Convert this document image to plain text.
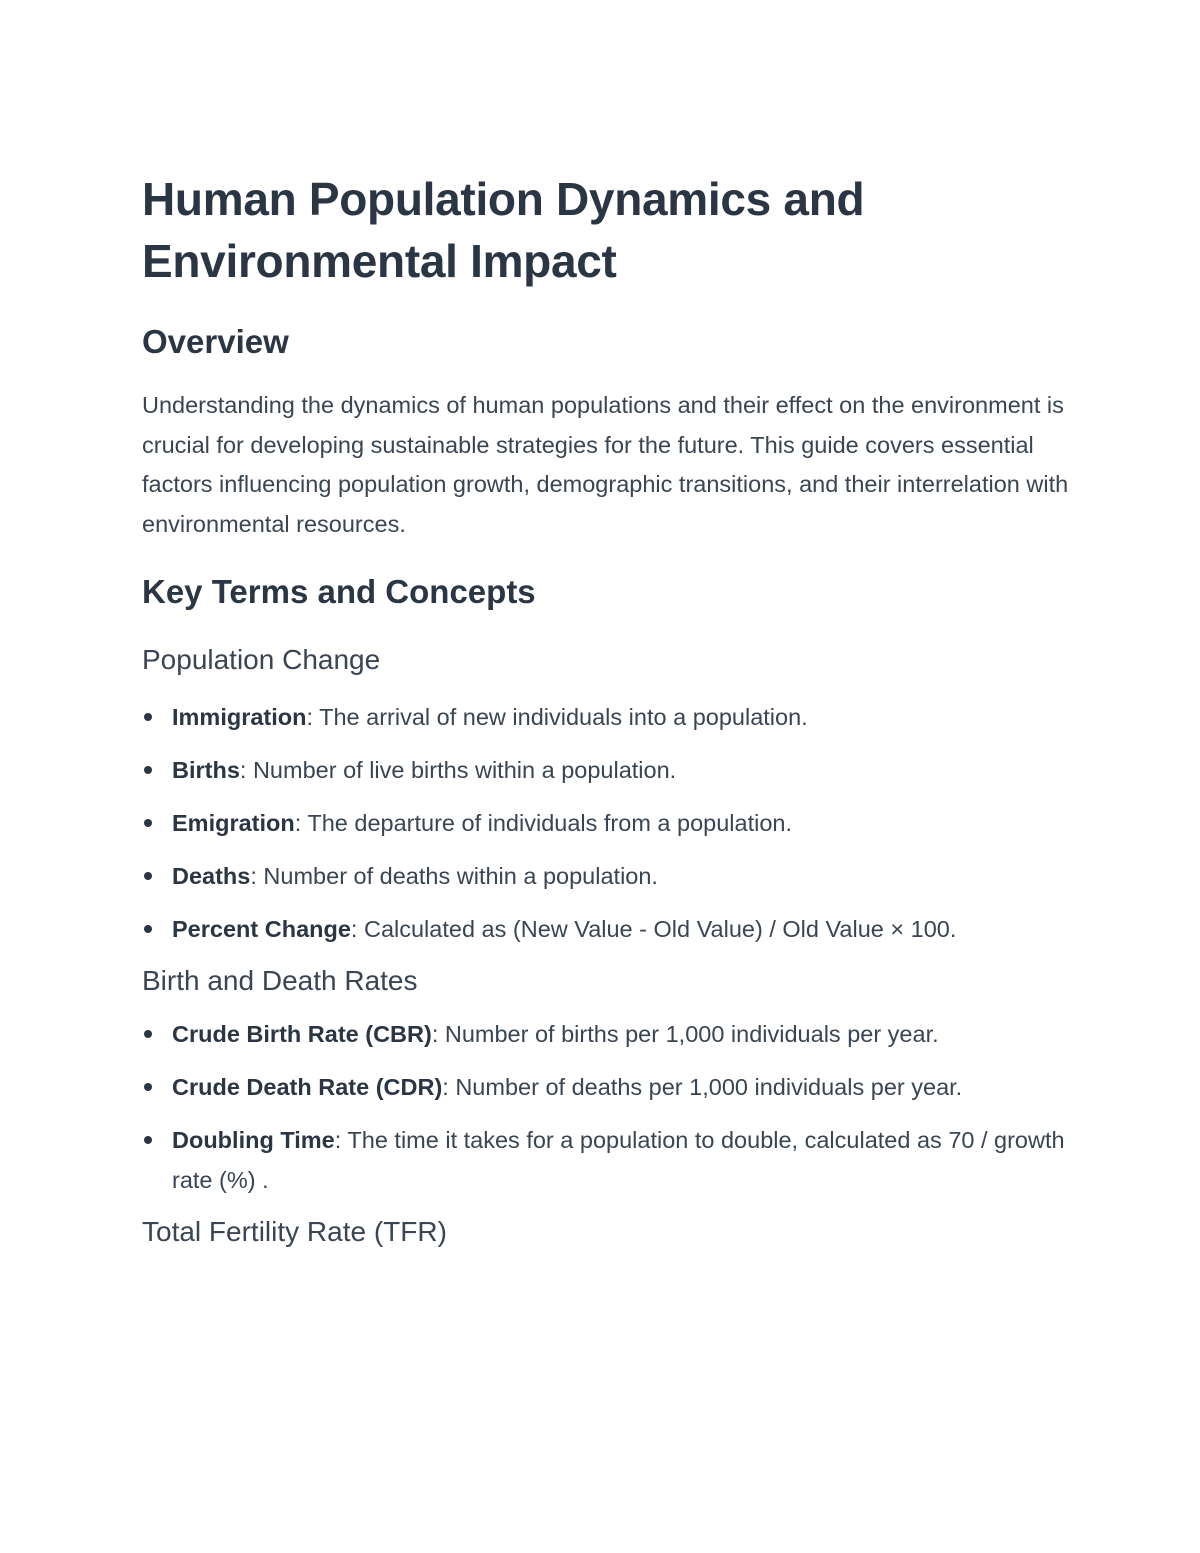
Human Population Dynamics and Environmental Impact
Overview

Understanding the dynamics of human populations and their effect on the environment is crucial for developing sustainable strategies for the future. This guide covers essential factors influencing population growth, demographic transitions, and their interrelation with environmental resources.

Key Terms and Concepts
Population Change
Immigration: The arrival of new individuals into a population.
Births: Number of live births within a population.
Emigration: The departure of individuals from a population.
Deaths: Number of deaths within a population.
Percent Change: Calculated as (New Value - Old Value) / Old Value × 100.
Birth and Death Rates
Crude Birth Rate (CBR): Number of births per 1,000 individuals per year.
Crude Death Rate (CDR): Number of deaths per 1,000 individuals per year.
Doubling Time: The time it takes for a population to double, calculated as 70 / growth rate (%) .
Total Fertility Rate (TFR)
